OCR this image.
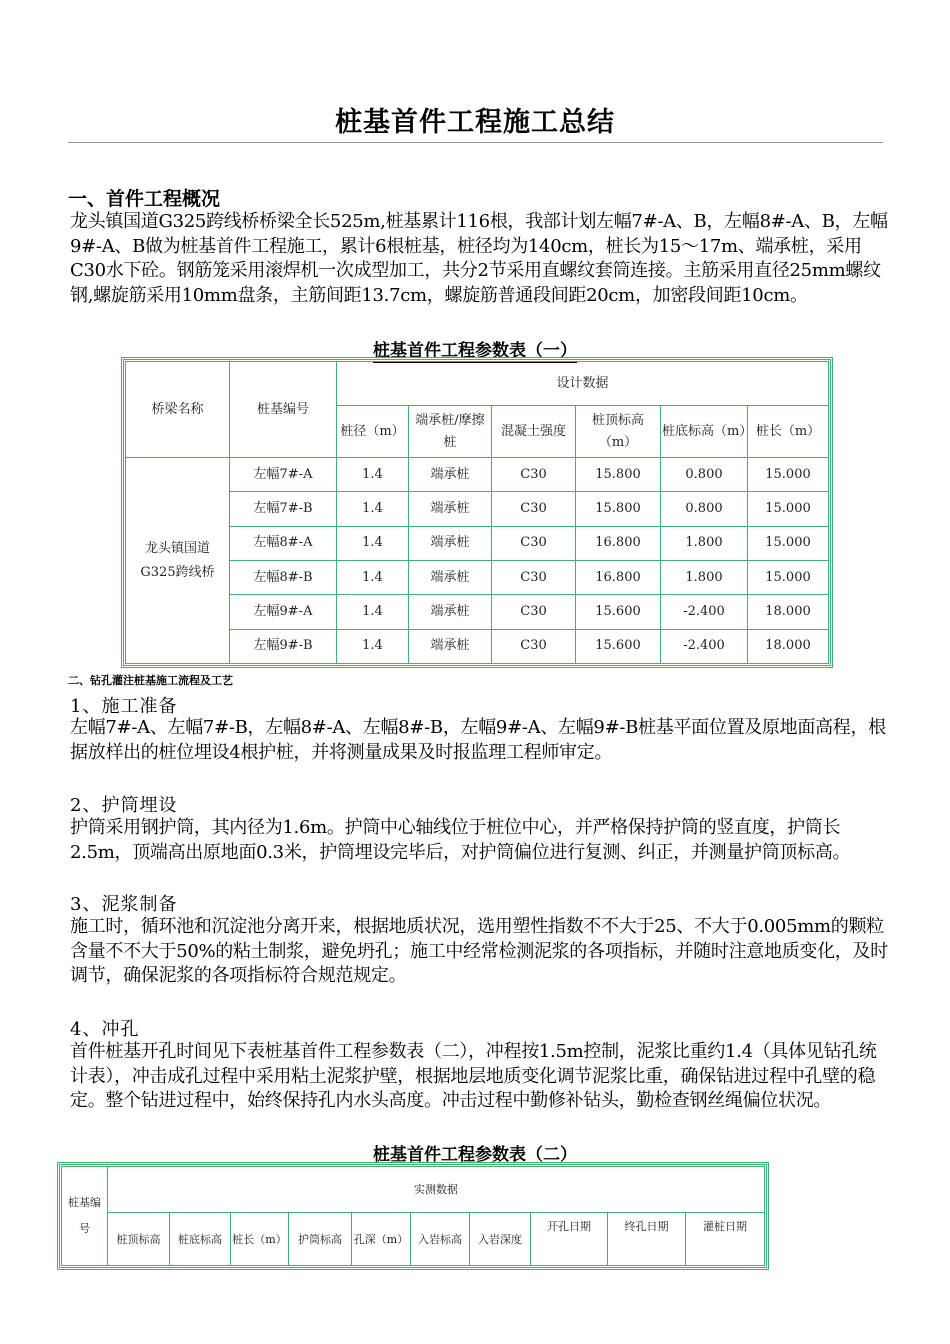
桩基首件工程施工总结
一、首件工程概况
龙头镇国道G325跨线桥桥梁全长525m,桩基累计116根，我部计划左幅7#-A、B，左幅8#-A、B，左幅9#-A、B做为桩基首件工程施工，累计6根桩基，桩径均为140cm，桩长为15～17m、端承桩，采用C30水下砼。钢筋笼采用滚焊机一次成型加工，共分2节采用直螺纹套筒连接。主筋采用直径25mm螺纹钢,螺旋筋采用10mm盘条，主筋间距13.7cm，螺旋筋普通段间距20cm，加密段间距10cm。
桩基首件工程参数表（一）
桥梁名称	桩基编号	设计数据					
		桩径（m）	端承桩/摩擦桩	混凝土强度	桩顶标高（m）	桩底标高（m）	桩长（m）
龙头镇国道G325跨线桥	左幅7#-A	1.4	端承桩	C30	15.800	0.800	15.000
	左幅7#-B	1.4	端承桩	C30	15.800	0.800	15.000
	左幅8#-A	1.4	端承桩	C30	16.800	1.800	15.000
	左幅8#-B	1.4	端承桩	C30	16.800	1.800	15.000
	左幅9#-A	1.4	端承桩	C30	15.600	-2.400	18.000
	左幅9#-B	1.4	端承桩	C30	15.600	-2.400	18.000
二、钻孔灌注桩基施工流程及工艺
1、施工准备
左幅7#-A、左幅7#-B，左幅8#-A、左幅8#-B，左幅9#-A、左幅9#-B桩基平面位置及原地面高程，根据放样出的桩位埋设4根护桩，并将测量成果及时报监理工程师审定。
2、护筒埋设
护筒采用钢护筒，其内径为1.6m。护筒中心轴线位于桩位中心，并严格保持护筒的竖直度，护筒长2.5m，顶端高出原地面0.3米，护筒埋设完毕后，对护筒偏位进行复测、纠正，并测量护筒顶标高。
3、泥浆制备
施工时，循环池和沉淀池分离开来，根据地质状况，选用塑性指数不不大于25、不大于0.005mm的颗粒含量不不大于50%的粘土制浆，避免坍孔；施工中经常检测泥浆的各项指标，并随时注意地质变化，及时调节，确保泥浆的各项指标符合规范规定。
4、冲孔
首件桩基开孔时间见下表桩基首件工程参数表（二），冲程按1.5m控制，泥浆比重约1.4（具体见钻孔统计表），冲击成孔过程中采用粘土泥浆护壁，根据地层地质变化调节泥浆比重，确保钻进过程中孔壁的稳定。整个钻进过程中，始终保持孔内水头高度。冲击过程中勤修补钻头，勤检查钢丝绳偏位状况。
桩基首件工程参数表（二）
桩基编号	实测数据									
	桩顶标高	桩底标高	桩长（m）	护筒标高	孔深（m）	入岩标高	入岩深度	开孔日期	终孔日期	灌桩日期
